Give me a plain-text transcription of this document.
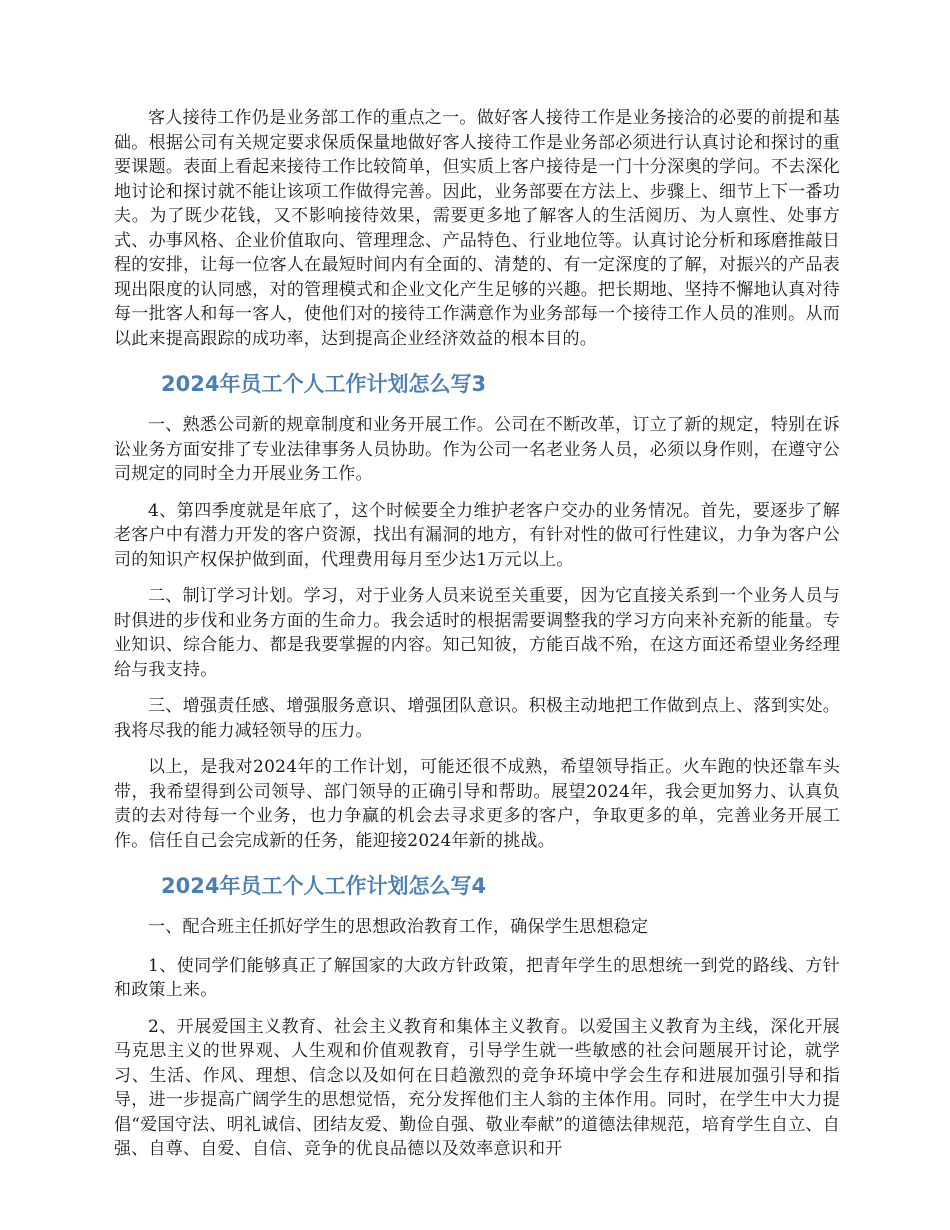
客人接待工作仍是业务部工作的重点之一。做好客人接待工作是业务接洽的必要的前提和基础。根据公司有关规定要求保质保量地做好客人接待工作是业务部必须进行认真讨论和探讨的重要课题。表面上看起来接待工作比较简单，但实质上客户接待是一门十分深奥的学问。不去深化地讨论和探讨就不能让该项工作做得完善。因此，业务部要在方法上、步骤上、细节上下一番功夫。为了既少花钱，又不影响接待效果，需要更多地了解客人的生活阅历、为人禀性、处事方式、办事风格、企业价值取向、管理理念、产品特色、行业地位等。认真讨论分析和琢磨推敲日程的安排，让每一位客人在最短时间内有全面的、清楚的、有一定深度的了解，对振兴的产品表现出限度的认同感，对的管理模式和企业文化产生足够的兴趣。把长期地、坚持不懈地认真对待每一批客人和每一客人，使他们对的接待工作满意作为业务部每一个接待工作人员的准则。从而以此来提高跟踪的成功率，达到提高企业经济效益的根本目的。

2024年员工个人工作计划怎么写3

一、熟悉公司新的规章制度和业务开展工作。公司在不断改革，订立了新的规定，特别在诉讼业务方面安排了专业法律事务人员协助。作为公司一名老业务人员，必须以身作则，在遵守公司规定的同时全力开展业务工作。

4、第四季度就是年底了，这个时候要全力维护老客户交办的业务情况。首先，要逐步了解老客户中有潜力开发的客户资源，找出有漏洞的地方，有针对性的做可行性建议，力争为客户公司的知识产权保护做到面，代理费用每月至少达1万元以上。

二、制订学习计划。学习，对于业务人员来说至关重要，因为它直接关系到一个业务人员与时俱进的步伐和业务方面的生命力。我会适时的根据需要调整我的学习方向来补充新的能量。专业知识、综合能力、都是我要掌握的内容。知己知彼，方能百战不殆，在这方面还希望业务经理给与我支持。

三、增强责任感、增强服务意识、增强团队意识。积极主动地把工作做到点上、落到实处。我将尽我的能力减轻领导的压力。

以上，是我对2024年的工作计划，可能还很不成熟，希望领导指正。火车跑的快还靠车头带，我希望得到公司领导、部门领导的正确引导和帮助。展望2024年，我会更加努力、认真负责的去对待每一个业务，也力争赢的机会去寻求更多的客户，争取更多的单，完善业务开展工作。信任自己会完成新的任务，能迎接2024年新的挑战。

2024年员工个人工作计划怎么写4

一、配合班主任抓好学生的思想政治教育工作，确保学生思想稳定

1、使同学们能够真正了解国家的大政方针政策，把青年学生的思想统一到党的路线、方针和政策上来。

2、开展爱国主义教育、社会主义教育和集体主义教育。以爱国主义教育为主线，深化开展马克思主义的世界观、人生观和价值观教育，引导学生就一些敏感的社会问题展开讨论，就学习、生活、作风、理想、信念以及如何在日趋激烈的竞争环境中学会生存和进展加强引导和指导，进一步提高广阔学生的思想觉悟，充分发挥他们主人翁的主体作用。同时，在学生中大力提倡“爱国守法、明礼诚信、团结友爱、勤俭自强、敬业奉献”的道德法律规范，培育学生自立、自强、自尊、自爱、自信、竞争的优良品德以及效率意识和开
